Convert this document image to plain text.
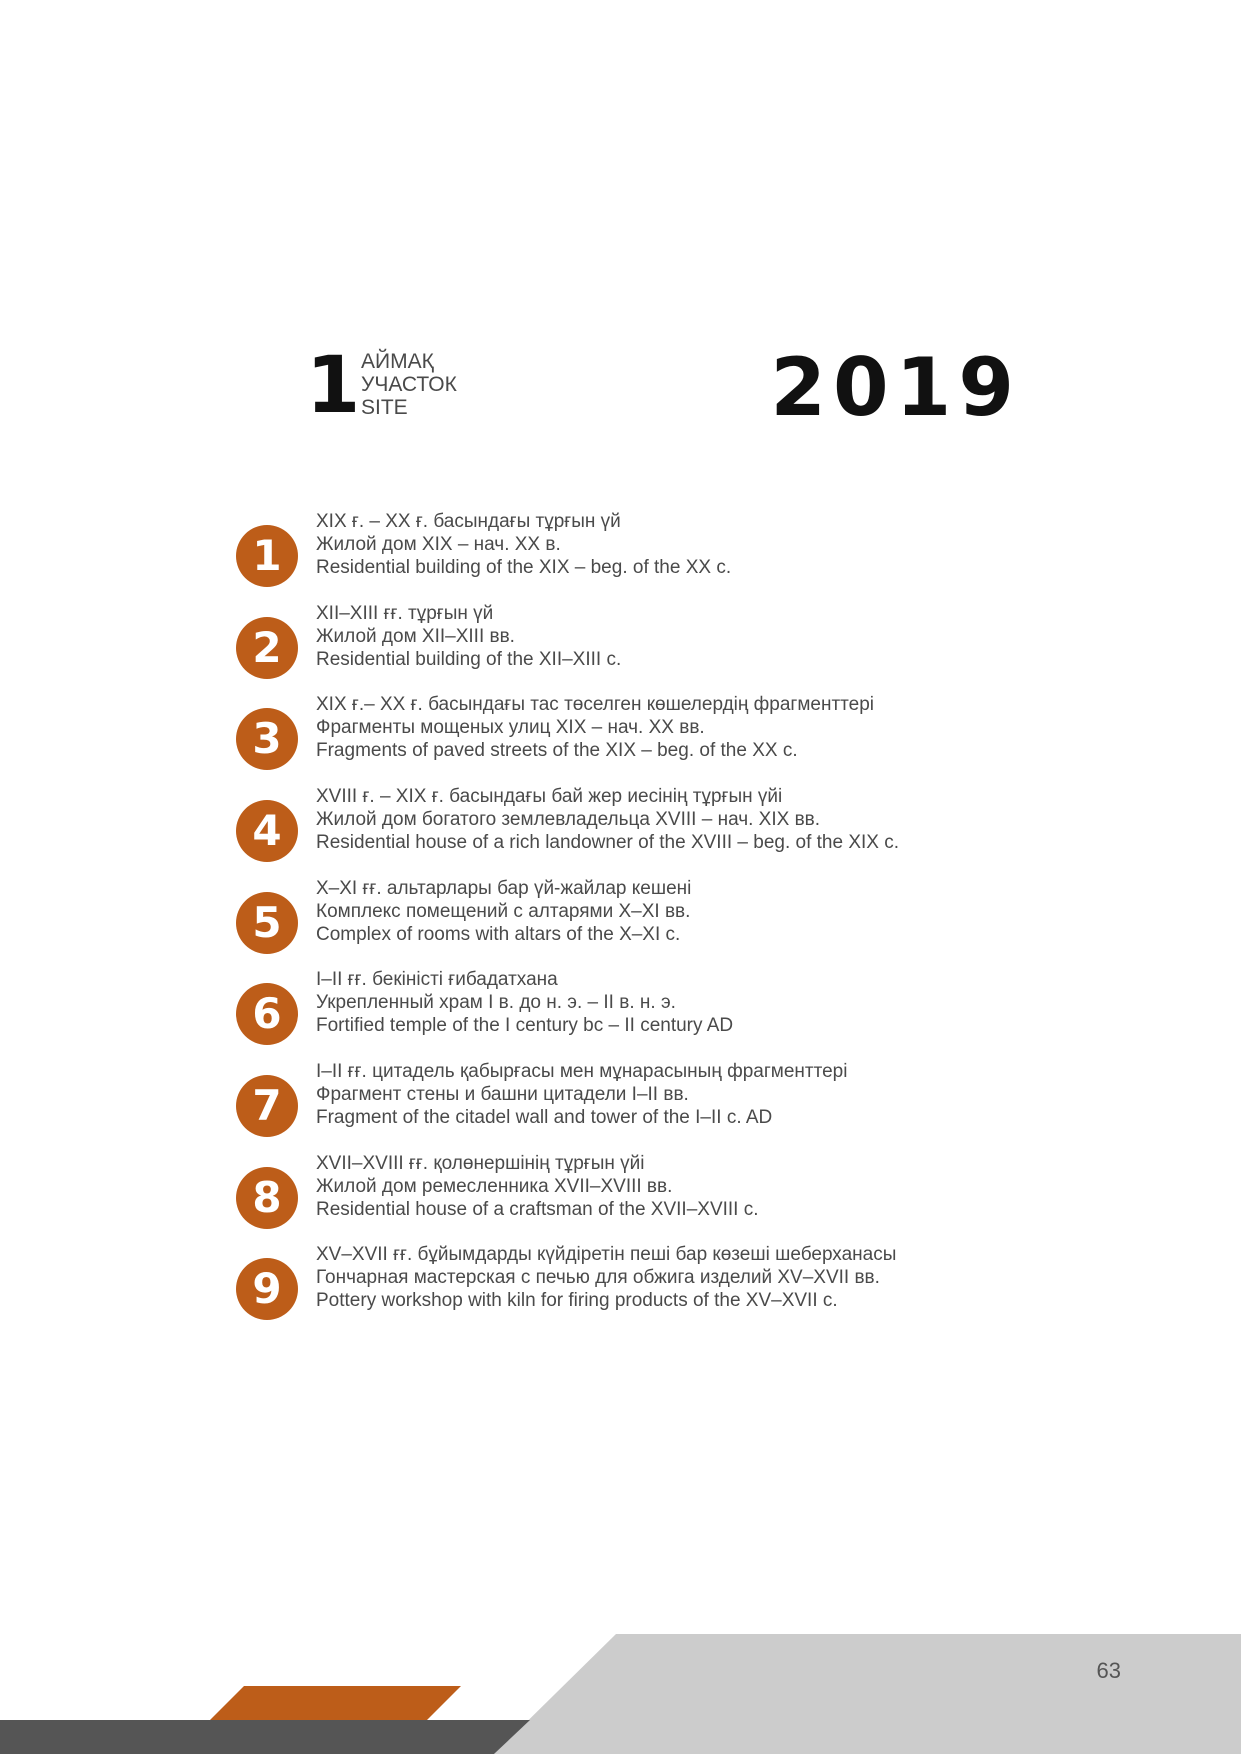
1 АЙМАҚ
УЧАСТОК
SITE	2019
1
XIX ғ. – XX ғ. басындағы тұрғын үй
Жилой дом XIX – нач. XX в.
Residential building of the XIX – beg. of the XX c.
2
XII–XIII ғғ. тұрғын үй
Жилой дом XII–XIII вв.
Residential building of the XII–XIII c.
3
XIX ғ.– XX ғ. басындағы тас төселген көшелердің фрагменттері
Фрагменты мощеных улиц XIX – нач. XX вв.
Fragments of paved streets of the XIX – beg. of the XX c.
4
XVIII ғ. – XIX ғ. басындағы бай жер иесінің тұрғын үйі
Жилой дом богатого землевладельца XVIII – нач. XIX вв.
Residential house of a rich landowner of the XVIII – beg. of the XIX c.
5
X–XI ғғ. альтарлары бар үй-жайлар кешені
Комплекс помещений с алтарями X–XI вв.
Complex of rooms with altars of the X–XI c.
6
I–II ғғ. бекіністі ғибадатхана
Укрепленный храм I в. до н. э. – II в. н. э.
Fortified temple of the I century bc – II century AD
7
I–II ғғ. цитадель қабырғасы мен мұнарасының фрагменттері
Фрагмент стены и башни цитадели I–II вв.
Fragment of the citadel wall and tower of the I–II c. AD
8
XVII–XVIII ғғ. қолөнершінің тұрғын үйі
Жилой дом ремесленника XVII–XVIII вв.
Residential house of a craftsman of the XVII–XVIII c.
9
XV–XVII ғғ. бұйымдарды күйдіретін пеші бар көзеші шеберханасы
Гончарная мастерская с печью для обжига изделий XV–XVII вв.
Pottery workshop with kiln for firing products of the XV–XVII c.
63
